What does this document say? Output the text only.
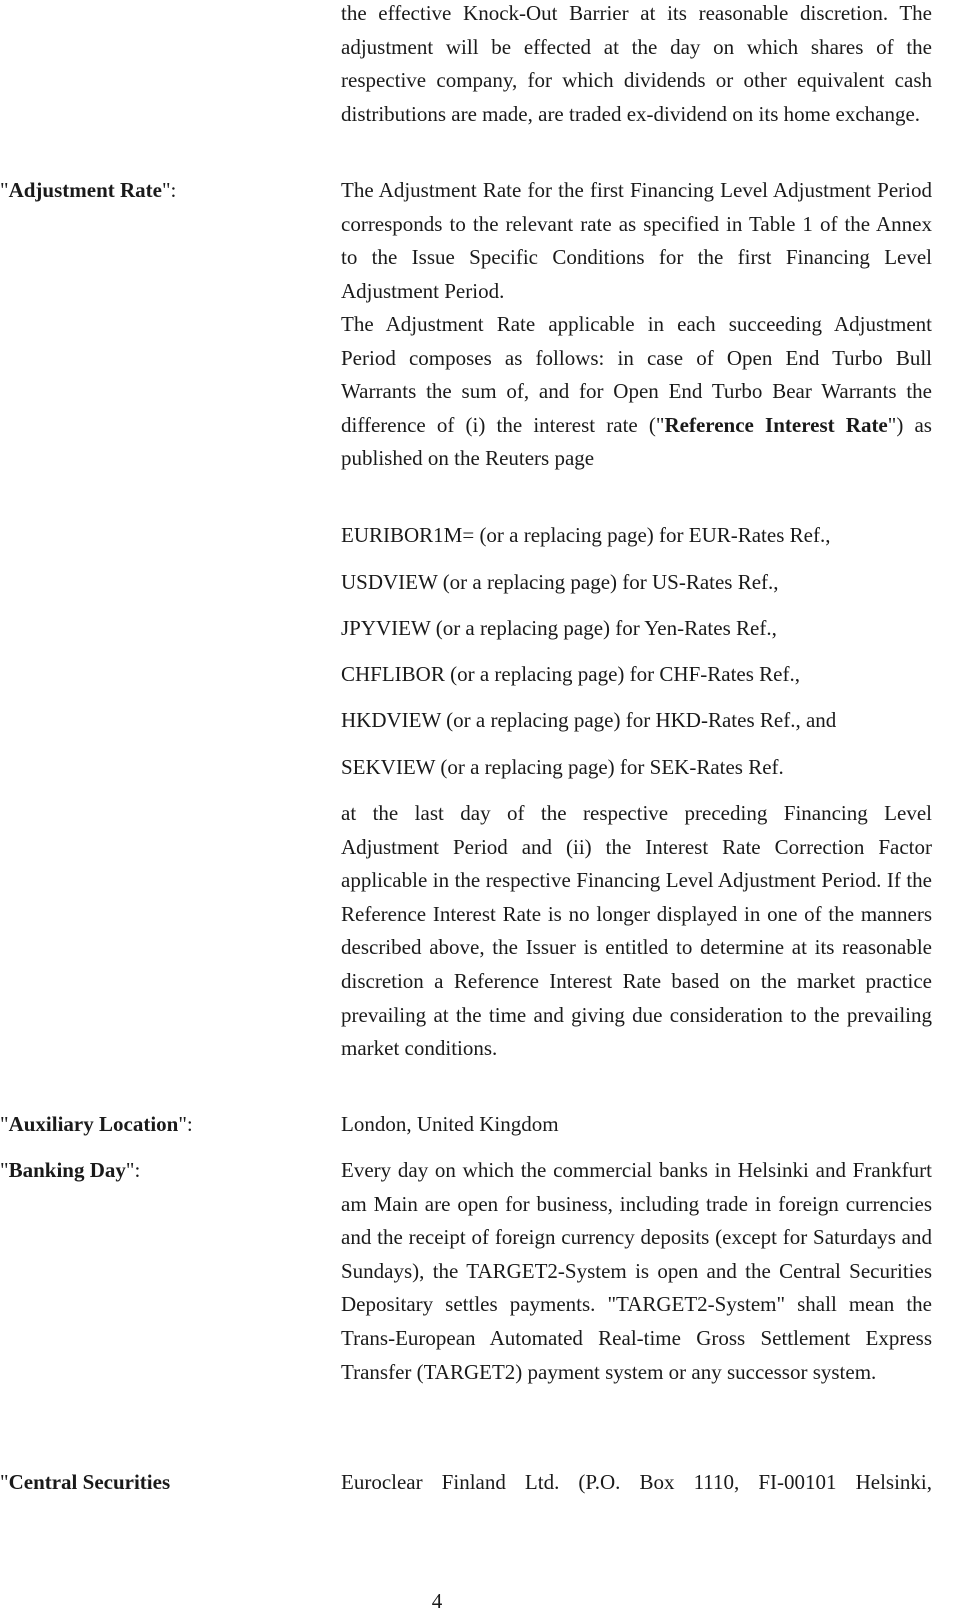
the effective Knock-Out Barrier at its reasonable discretion. The adjustment will be effected at the day on which shares of the respective company, for which dividends or other equivalent cash distributions are made, are traded ex-dividend on its home exchange.

"Adjustment Rate":	The Adjustment Rate for the first Financing Level Adjustment Period corresponds to the relevant rate as specified in Table 1 of the Annex to the Issue Specific Conditions for the first Financing Level Adjustment Period.

The Adjustment Rate applicable in each succeeding Adjustment Period composes as follows: in case of Open End Turbo Bull Warrants the sum of, and for Open End Turbo Bear Warrants the difference of (i) the interest rate ("Reference Interest Rate") as published on the Reuters page

EURIBOR1M= (or a replacing page) for EUR-Rates Ref.,

USDVIEW (or a replacing page) for US-Rates Ref.,

JPYVIEW (or a replacing page) for Yen-Rates Ref.,

CHFLIBOR (or a replacing page) for CHF-Rates Ref.,

HKDVIEW (or a replacing page) for HKD-Rates Ref., and

SEKVIEW (or a replacing page) for SEK-Rates Ref.

at the last day of the respective preceding Financing Level Adjustment Period and (ii) the Interest Rate Correction Factor applicable in the respective Financing Level Adjustment Period. If the Reference Interest Rate is no longer displayed in one of the manners described above, the Issuer is entitled to determine at its reasonable discretion a Reference Interest Rate based on the market practice prevailing at the time and giving due consideration to the prevailing market conditions.

"Auxiliary Location":	London, United Kingdom

"Banking Day":	Every day on which the commercial banks in Helsinki and Frankfurt am Main are open for business, including trade in foreign currencies and the receipt of foreign currency deposits (except for Saturdays and Sundays), the TARGET2-System is open and the Central Securities Depositary settles payments. "TARGET2-System" shall mean the Trans-European Automated Real-time Gross Settlement Express Transfer (TARGET2) payment system or any successor system.

"Central Securities	Euroclear Finland Ltd. (P.O. Box 1110, FI-00101 Helsinki,

4
